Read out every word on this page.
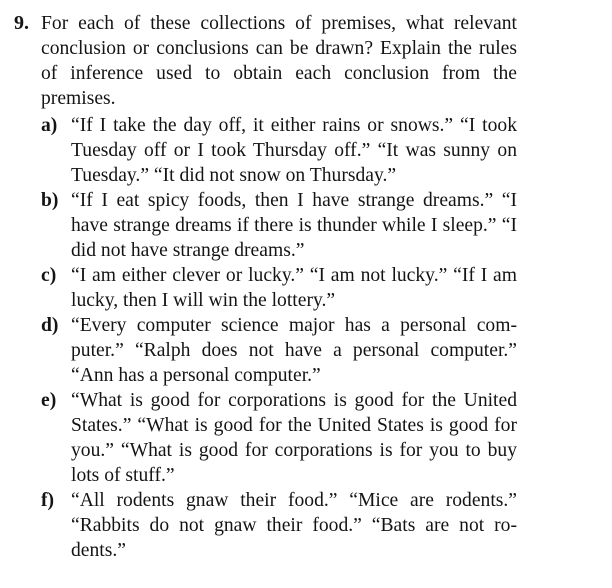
9. For each of these collections of premises, what relevant conclusion or conclusions can be drawn? Explain the rules of inference used to obtain each conclusion from the premises.
a) “If I take the day off, it either rains or snows.” “I took Tuesday off or I took Thursday off.” “It was sunny on Tuesday.” “It did not snow on Thursday.”
b) “If I eat spicy foods, then I have strange dreams.” “I have strange dreams if there is thunder while I sleep.” “I did not have strange dreams.”
c) “I am either clever or lucky.” “I am not lucky.” “If I am lucky, then I will win the lottery.”
d) “Every computer science major has a personal computer.” “Ralph does not have a personal computer.” “Ann has a personal computer.”
e) “What is good for corporations is good for the United States.” “What is good for the United States is good for you.” “What is good for corporations is for you to buy lots of stuff.”
f) “All rodents gnaw their food.” “Mice are rodents.” “Rabbits do not gnaw their food.” “Bats are not rodents.”
